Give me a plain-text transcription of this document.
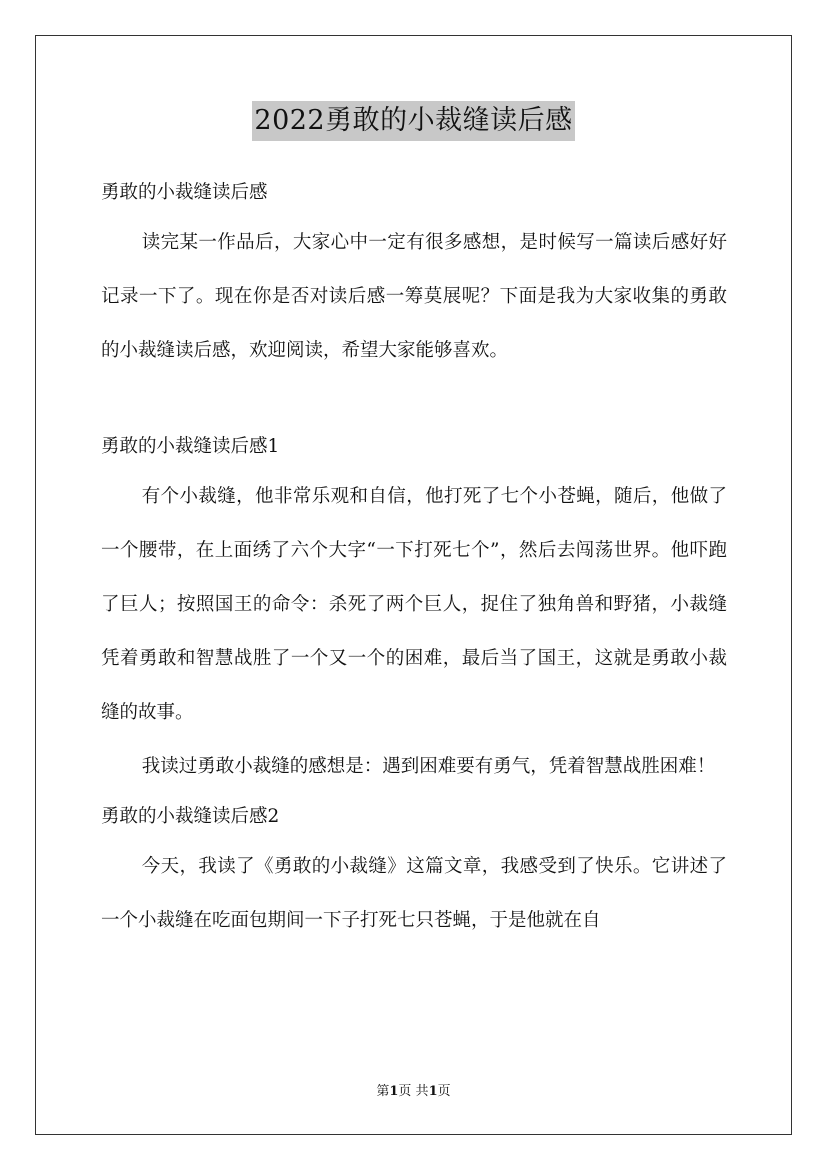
2022勇敢的小裁缝读后感

勇敢的小裁缝读后感

读完某一作品后，大家心中一定有很多感想，是时候写一篇读后感好好记录一下了。现在你是否对读后感一筹莫展呢？下面是我为大家收集的勇敢的小裁缝读后感，欢迎阅读，希望大家能够喜欢。

勇敢的小裁缝读后感1

有个小裁缝，他非常乐观和自信，他打死了七个小苍蝇，随后，他做了一个腰带，在上面绣了六个大字“一下打死七个”，然后去闯荡世界。他吓跑了巨人；按照国王的命令：杀死了两个巨人，捉住了独角兽和野猪，小裁缝凭着勇敢和智慧战胜了一个又一个的困难，最后当了国王，这就是勇敢小裁缝的故事。

我读过勇敢小裁缝的感想是：遇到困难要有勇气，凭着智慧战胜困难！

勇敢的小裁缝读后感2

今天，我读了《勇敢的小裁缝》这篇文章，我感受到了快乐。它讲述了一个小裁缝在吃面包期间一下子打死七只苍蝇，于是他就在自

第1页 共1页
